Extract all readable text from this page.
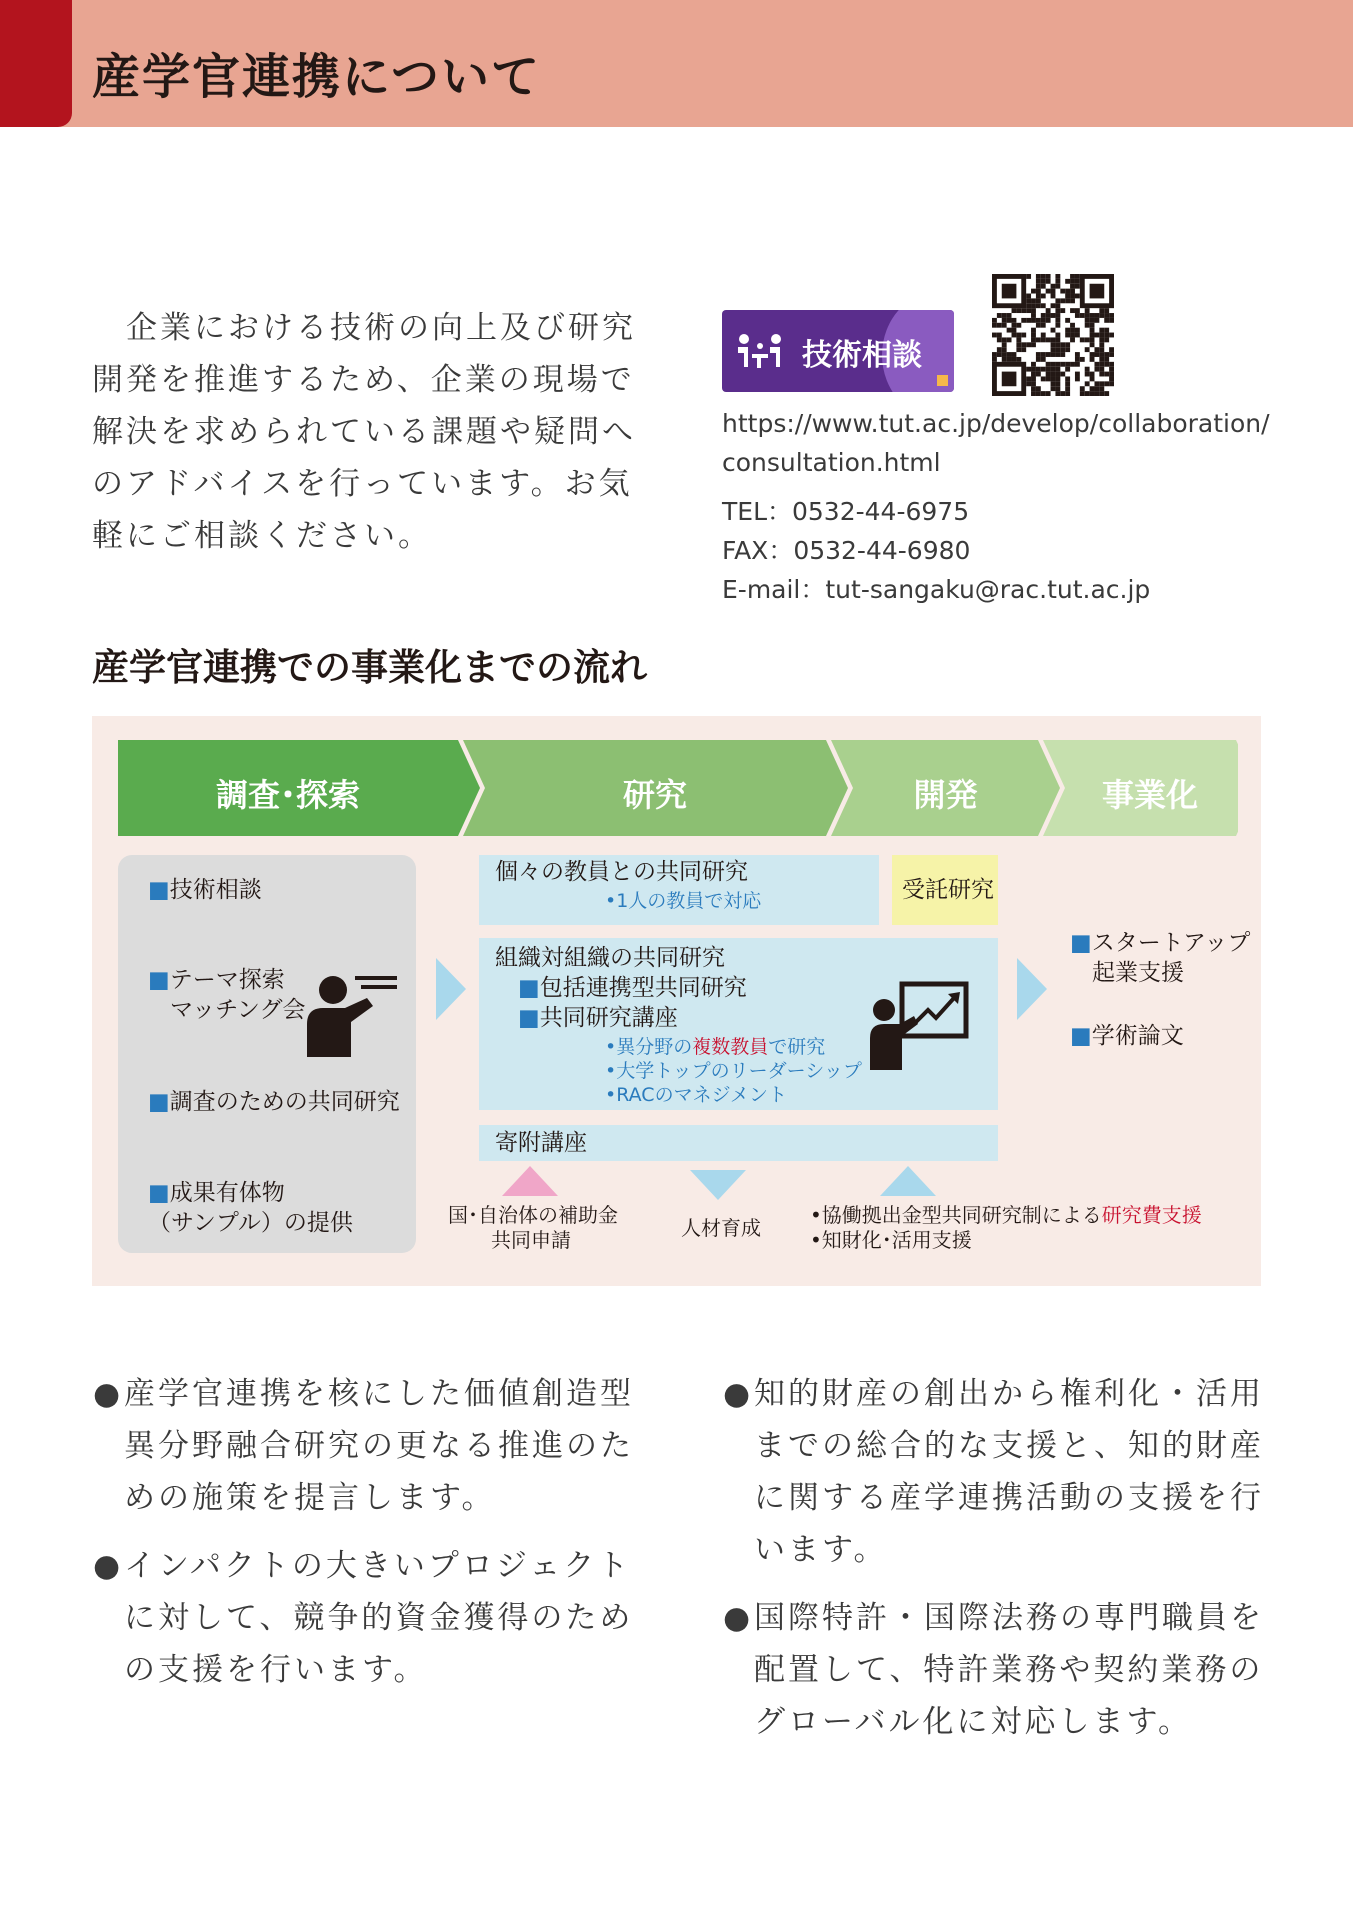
産学官連携について
　企業における技術の向上及び研究開発を推進するため、企業の現場で解決を求められている課題や疑問へのアドバイスを行っています。お気軽にご相談ください。
技術相談
https://www.tut.ac.jp/develop/collaboration/consultation.html
TEL：0532-44-6975
FAX：0532-44-6980
E-mail：tut-sangaku@rac.tut.ac.jp
産学官連携での事業化までの流れ
調査･探索	研究	開発	事業化
■技術相談
■テーマ探索
マッチング会
■調査のための共同研究
■成果有体物
（サンプル）の提供
個々の教員との共同研究
•1人の教員で対応	受託研究
組織対組織の共同研究
■包括連携型共同研究
■共同研究講座
•異分野の複数教員で研究
•大学トップのリーダーシップ
•RACのマネジメント
寄附講座
■スタートアップ
起業支援
■学術論文
国･自治体の補助金
共同申請	人材育成
•協働拠出金型共同研究制による研究費支援
•知財化･活用支援
●産学官連携を核にした価値創造型異分野融合研究の更なる推進のための施策を提言します。
●インパクトの大きいプロジェクトに対して、競争的資金獲得のための支援を行います。
●知的財産の創出から権利化・活用までの総合的な支援と、知的財産に関する産学連携活動の支援を行います。
●国際特許・国際法務の専門職員を配置して、特許業務や契約業務のグローバル化に対応します。
